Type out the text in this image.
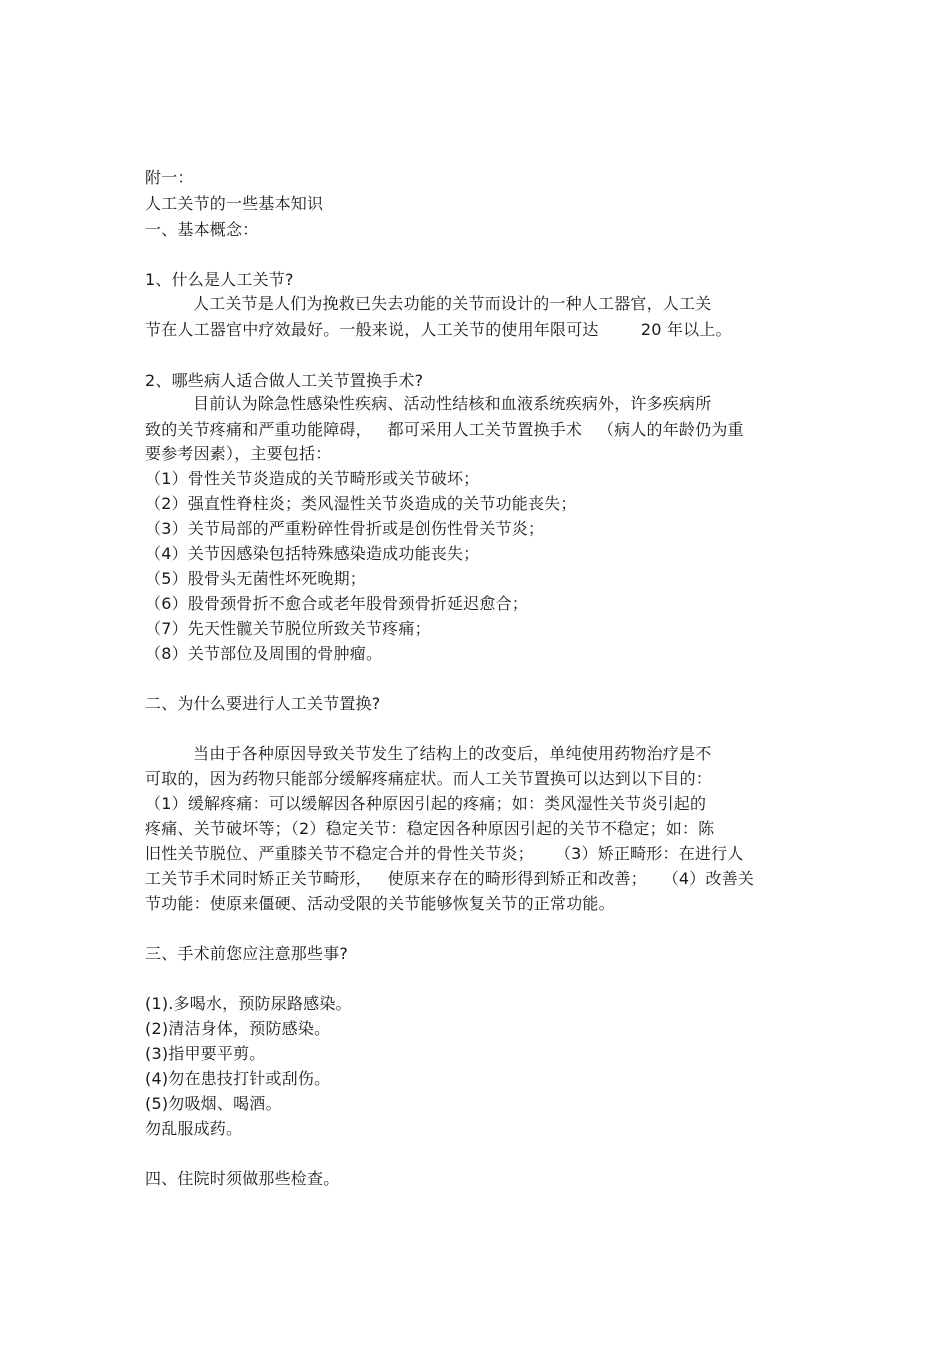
附一：
人工关节的一些基本知识
一、基本概念：
1、什么是人工关节?
人工关节是人们为挽救已失去功能的关节而设计的一种人工器官，人工关
节在人工器官中疗效最好。一般来说，人工关节的使用年限可达        20 年以上。
2、哪些病人适合做人工关节置换手术?
目前认为除急性感染性疾病、活动性结核和血液系统疾病外，许多疾病所
致的关节疼痛和严重功能障碍，   都可采用人工关节置换手术   （病人的年龄仍为重
要参考因素），主要包括：
（1）骨性关节炎造成的关节畸形或关节破坏；
（2）强直性脊柱炎；类风湿性关节炎造成的关节功能丧失；
（3）关节局部的严重粉碎性骨折或是创伤性骨关节炎；
（4）关节因感染包括特殊感染造成功能丧失；
（5）股骨头无菌性坏死晚期；
（6）股骨颈骨折不愈合或老年股骨颈骨折延迟愈合；
（7）先天性髋关节脱位所致关节疼痛；
（8）关节部位及周围的骨肿瘤。
二、为什么要进行人工关节置换?
当由于各种原因导致关节发生了结构上的改变后，单纯使用药物治疗是不
可取的，因为药物只能部分缓解疼痛症状。而人工关节置换可以达到以下目的：
（1）缓解疼痛：可以缓解因各种原因引起的疼痛；如：类风湿性关节炎引起的
疼痛、关节破坏等；（2）稳定关节：稳定因各种原因引起的关节不稳定；如：陈
旧性关节脱位、严重膝关节不稳定合并的骨性关节炎；    （3）矫正畸形：在进行人
工关节手术同时矫正关节畸形，   使原来存在的畸形得到矫正和改善；   （4）改善关
节功能：使原来僵硬、活动受限的关节能够恢复关节的正常功能。
三、手术前您应注意那些事?
(1).多喝水，预防尿路感染。
(2)清洁身体，预防感染。
(3)指甲要平剪。
(4)勿在患技打针或刮伤。
(5)勿吸烟、喝酒。
勿乱服成药。
四、住院时须做那些检查。
